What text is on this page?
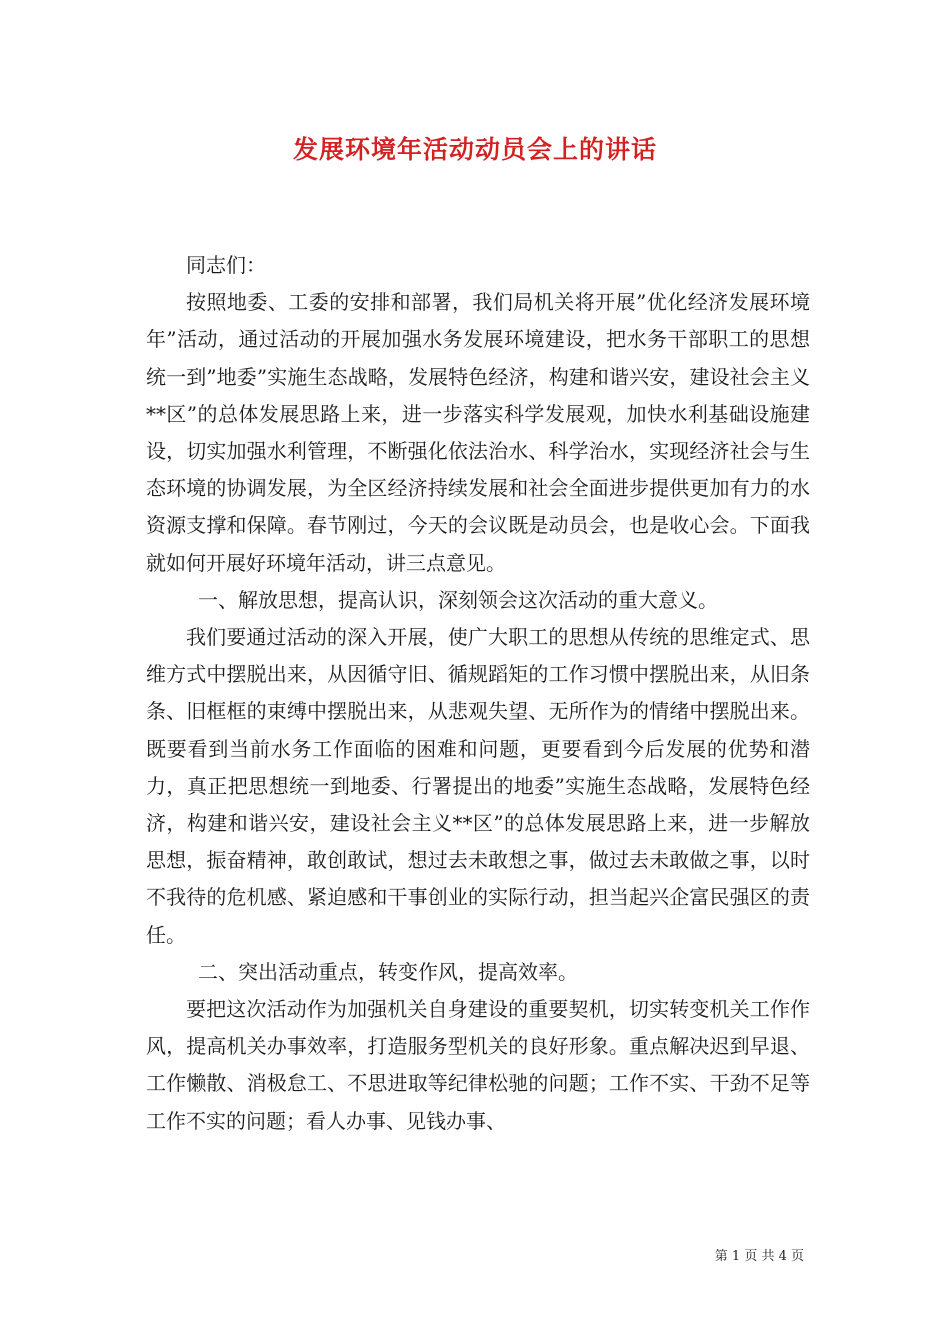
发展环境年活动动员会上的讲话

同志们：

按照地委、工委的安排和部署，我们局机关将开展”优化经济发展环境年”活动，通过活动的开展加强水务发展环境建设，把水务干部职工的思想统一到”地委”实施生态战略，发展特色经济，构建和谐兴安，建设社会主义**区”的总体发展思路上来，进一步落实科学发展观，加快水利基础设施建设，切实加强水利管理，不断强化依法治水、科学治水，实现经济社会与生态环境的协调发展，为全区经济持续发展和社会全面进步提供更加有力的水资源支撑和保障。春节刚过，今天的会议既是动员会，也是收心会。下面我就如何开展好环境年活动，讲三点意见。

一、解放思想，提高认识，深刻领会这次活动的重大意义。

我们要通过活动的深入开展，使广大职工的思想从传统的思维定式、思维方式中摆脱出来，从因循守旧、循规蹈矩的工作习惯中摆脱出来，从旧条条、旧框框的束缚中摆脱出来，从悲观失望、无所作为的情绪中摆脱出来。既要看到当前水务工作面临的困难和问题，更要看到今后发展的优势和潜力，真正把思想统一到地委、行署提出的地委”实施生态战略，发展特色经济，构建和谐兴安，建设社会主义**区”的总体发展思路上来，进一步解放思想，振奋精神，敢创敢试，想过去未敢想之事，做过去未敢做之事，以时不我待的危机感、紧迫感和干事创业的实际行动，担当起兴企富民强区的责任。

二、突出活动重点，转变作风，提高效率。

要把这次活动作为加强机关自身建设的重要契机，切实转变机关工作作风，提高机关办事效率，打造服务型机关的良好形象。重点解决迟到早退、工作懒散、消极怠工、不思进取等纪律松驰的问题；工作不实、干劲不足等工作不实的问题；看人办事、见钱办事、

第 1 页 共 4 页
